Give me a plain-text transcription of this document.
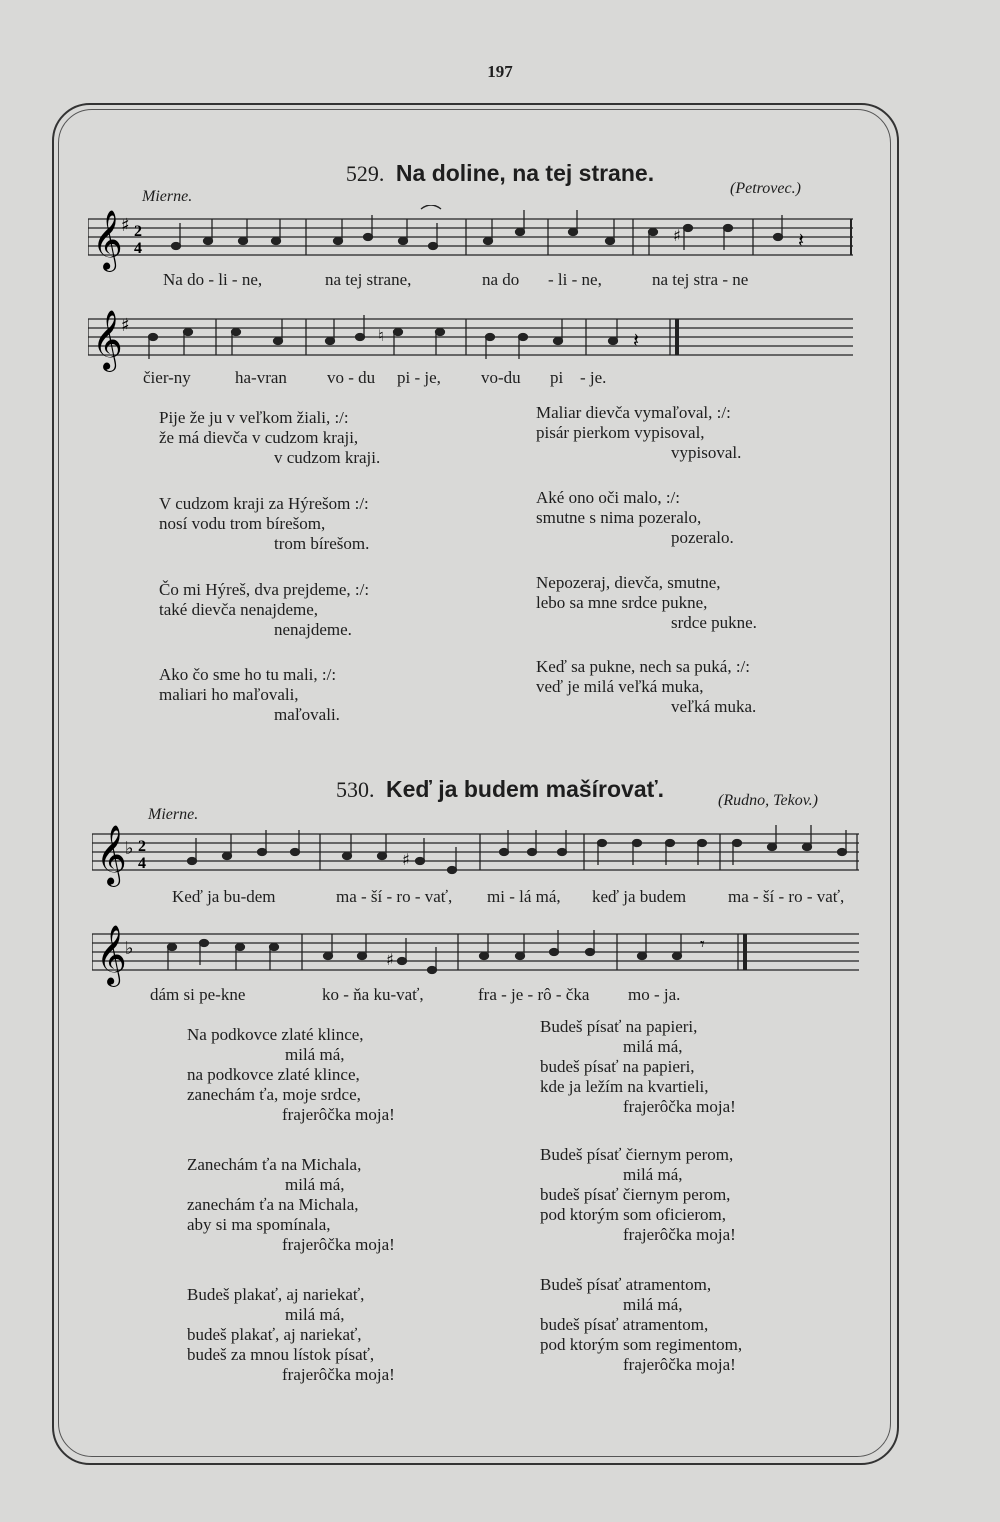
197
529. Na doline, na tej strane.
Mierne.	(Petrovec.)
𝄞
♯ 2
4
♯	𝄽
Na do - li - ne,	na tej strane,	na do - li - ne,	na tej stra - ne
𝄞
♯	♮	𝄽
čier-ny	ha-vran vo - du pi - je, vo-du pi - je.
Pije že ju v veľkom žiali, :/:
že má dievča v cudzom kraji,
v cudzom kraji.
V cudzom kraji za Hýrešom :/:
nosí vodu trom bírešom,
trom bírešom.
Čo mi Hýreš, dva prejdeme, :/:
také dievča nenajdeme,
nenajdeme.
Ako čo sme ho tu mali, :/:
maliari ho maľovali,
maľovali.
Maliar dievča vymaľoval, :/:
pisár pierkom vypisoval,
vypisoval.
Aké ono oči malo, :/:
smutne s nima pozeralo,
pozeralo.
Nepozeraj, dievča, smutne,
lebo sa mne srdce pukne,
srdce pukne.
Keď sa pukne, nech sa puká, :/:
veď je milá veľká muka,
veľká muka.
530. Keď ja budem mašírovať.
Mierne.
(Rudno, Tekov.)
𝄞
♭ 2
4	♯
Keď ja bu-dem	ma - ší - ro - vať, mi - lá má, keď ja budem ma - ší - ro - vať,
𝄞
♭
♯
𝄾
dám si pe-kne	ko - ňa ku-vať,	fra - je - rô - čka mo - ja.
Na podkovce zlaté klince,
milá má,
na podkovce zlaté klince,
zanechám ťa, moje srdce,
frajerôčka moja!
Zanechám ťa na Michala,
milá má,
zanechám ťa na Michala,
aby si ma spomínala,
frajerôčka moja!
Budeš plakať, aj nariekať,
milá má,
budeš plakať, aj nariekať,
budeš za mnou lístok písať,
frajerôčka moja!
Budeš písať na papieri,
milá má,
budeš písať na papieri,
kde ja ležím na kvartieli,
frajerôčka moja!
Budeš písať čiernym perom,
milá má,
budeš písať čiernym perom,
pod ktorým som oficierom,
frajerôčka moja!
Budeš písať atramentom,
milá má,
budeš písať atramentom,
pod ktorým som regimentom,
frajerôčka moja!
